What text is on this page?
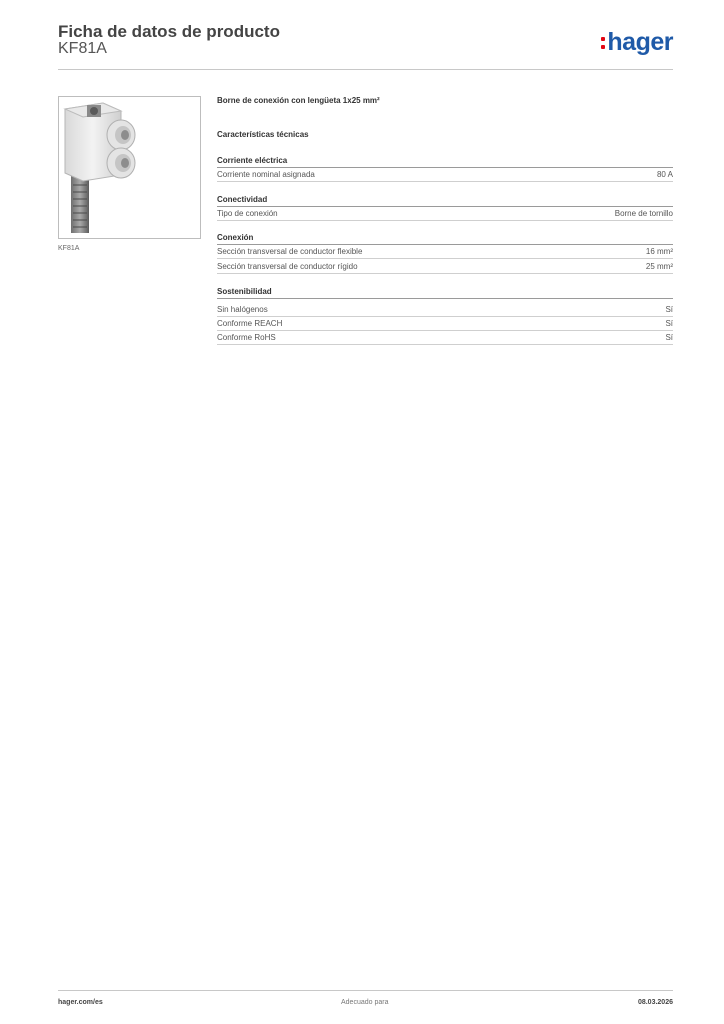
Ficha de datos de producto
KF81A	hager
KF81A
Borne de conexión con lengüeta 1x25 mm²
Características técnicas
Corriente eléctrica
Corriente nominal asignada	80 A
Conectividad
Tipo de conexión	Borne de tornillo
Conexión
Sección transversal de conductor flexible	16 mm²
Sección transversal de conductor rígido	25 mm²
Sostenibilidad
Sin halógenos	Sí
Conforme REACH	Sí
Conforme RoHS	Sí
hager.com/es	Adecuado para	08.03.2026
